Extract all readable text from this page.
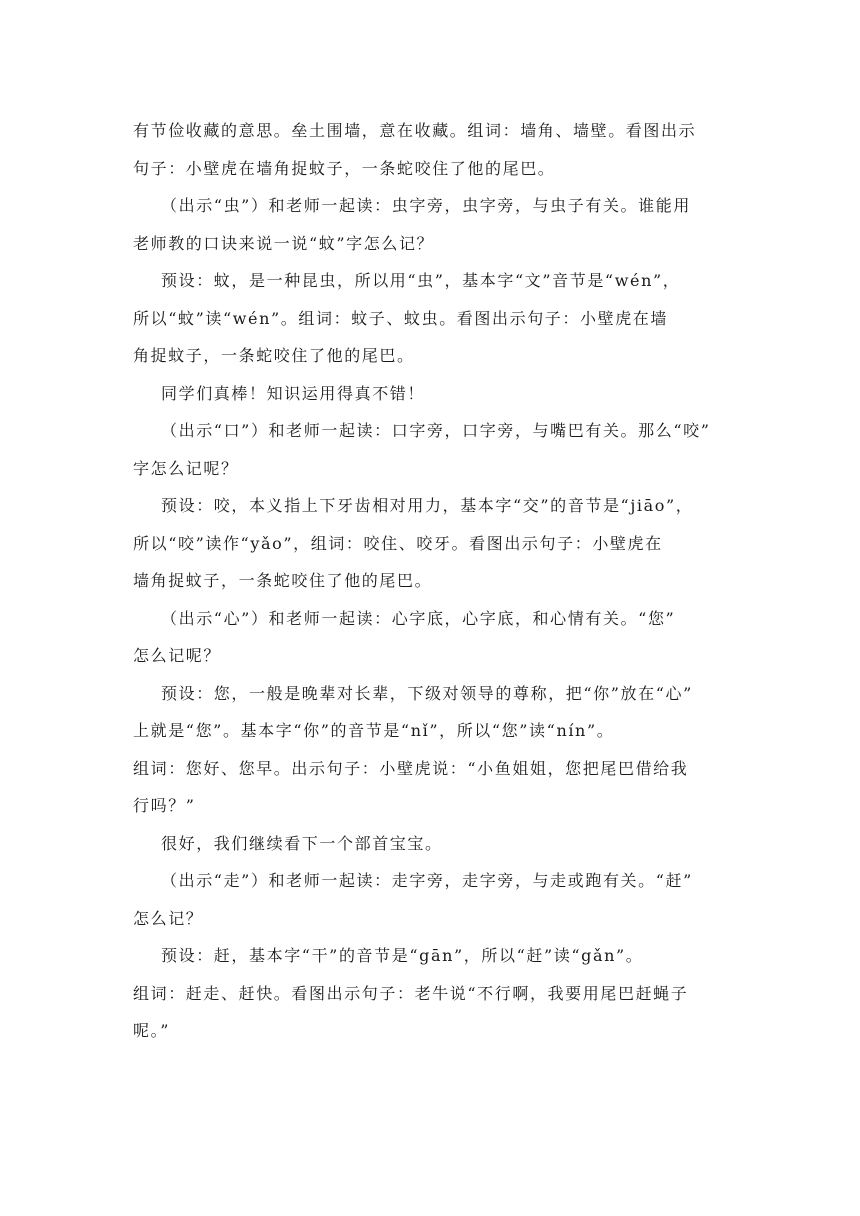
有节俭收藏的意思。垒土围墙，意在收藏。组词：墙角、墙壁。看图出示
句子：小壁虎在墙角捉蚊子，一条蛇咬住了他的尾巴。
（出示“虫”）和老师一起读：虫字旁，虫字旁，与虫子有关。谁能用
老师教的口诀来说一说“蚊”字怎么记？
预设：蚊，是一种昆虫，所以用“虫”，基本字“文”音节是“wén”，
所以“蚊”读“wén”。组词：蚊子、蚊虫。看图出示句子：小壁虎在墙
角捉蚊子，一条蛇咬住了他的尾巴。
同学们真棒！知识运用得真不错！
（出示“口”）和老师一起读：口字旁，口字旁，与嘴巴有关。那么“咬”
字怎么记呢？
预设：咬，本义指上下牙齿相对用力，基本字“交”的音节是“jiāo”，
所以“咬”读作“yǎo”，组词：咬住、咬牙。看图出示句子：小壁虎在
墙角捉蚊子，一条蛇咬住了他的尾巴。
（出示“心”）和老师一起读：心字底，心字底，和心情有关。“您”
怎么记呢？
预设：您，一般是晚辈对长辈，下级对领导的尊称，把“你”放在“心”
上就是“您”。基本字“你”的音节是“nǐ”，所以“您”读“nín”。
组词：您好、您早。出示句子：小壁虎说：“小鱼姐姐，您把尾巴借给我
行吗？”
很好，我们继续看下一个部首宝宝。
（出示“走”）和老师一起读：走字旁，走字旁，与走或跑有关。“赶”
怎么记？
预设：赶，基本字“干”的音节是“gān”，所以“赶”读“gǎn”。
组词：赶走、赶快。看图出示句子：老牛说“不行啊，我要用尾巴赶蝇子
呢。”
